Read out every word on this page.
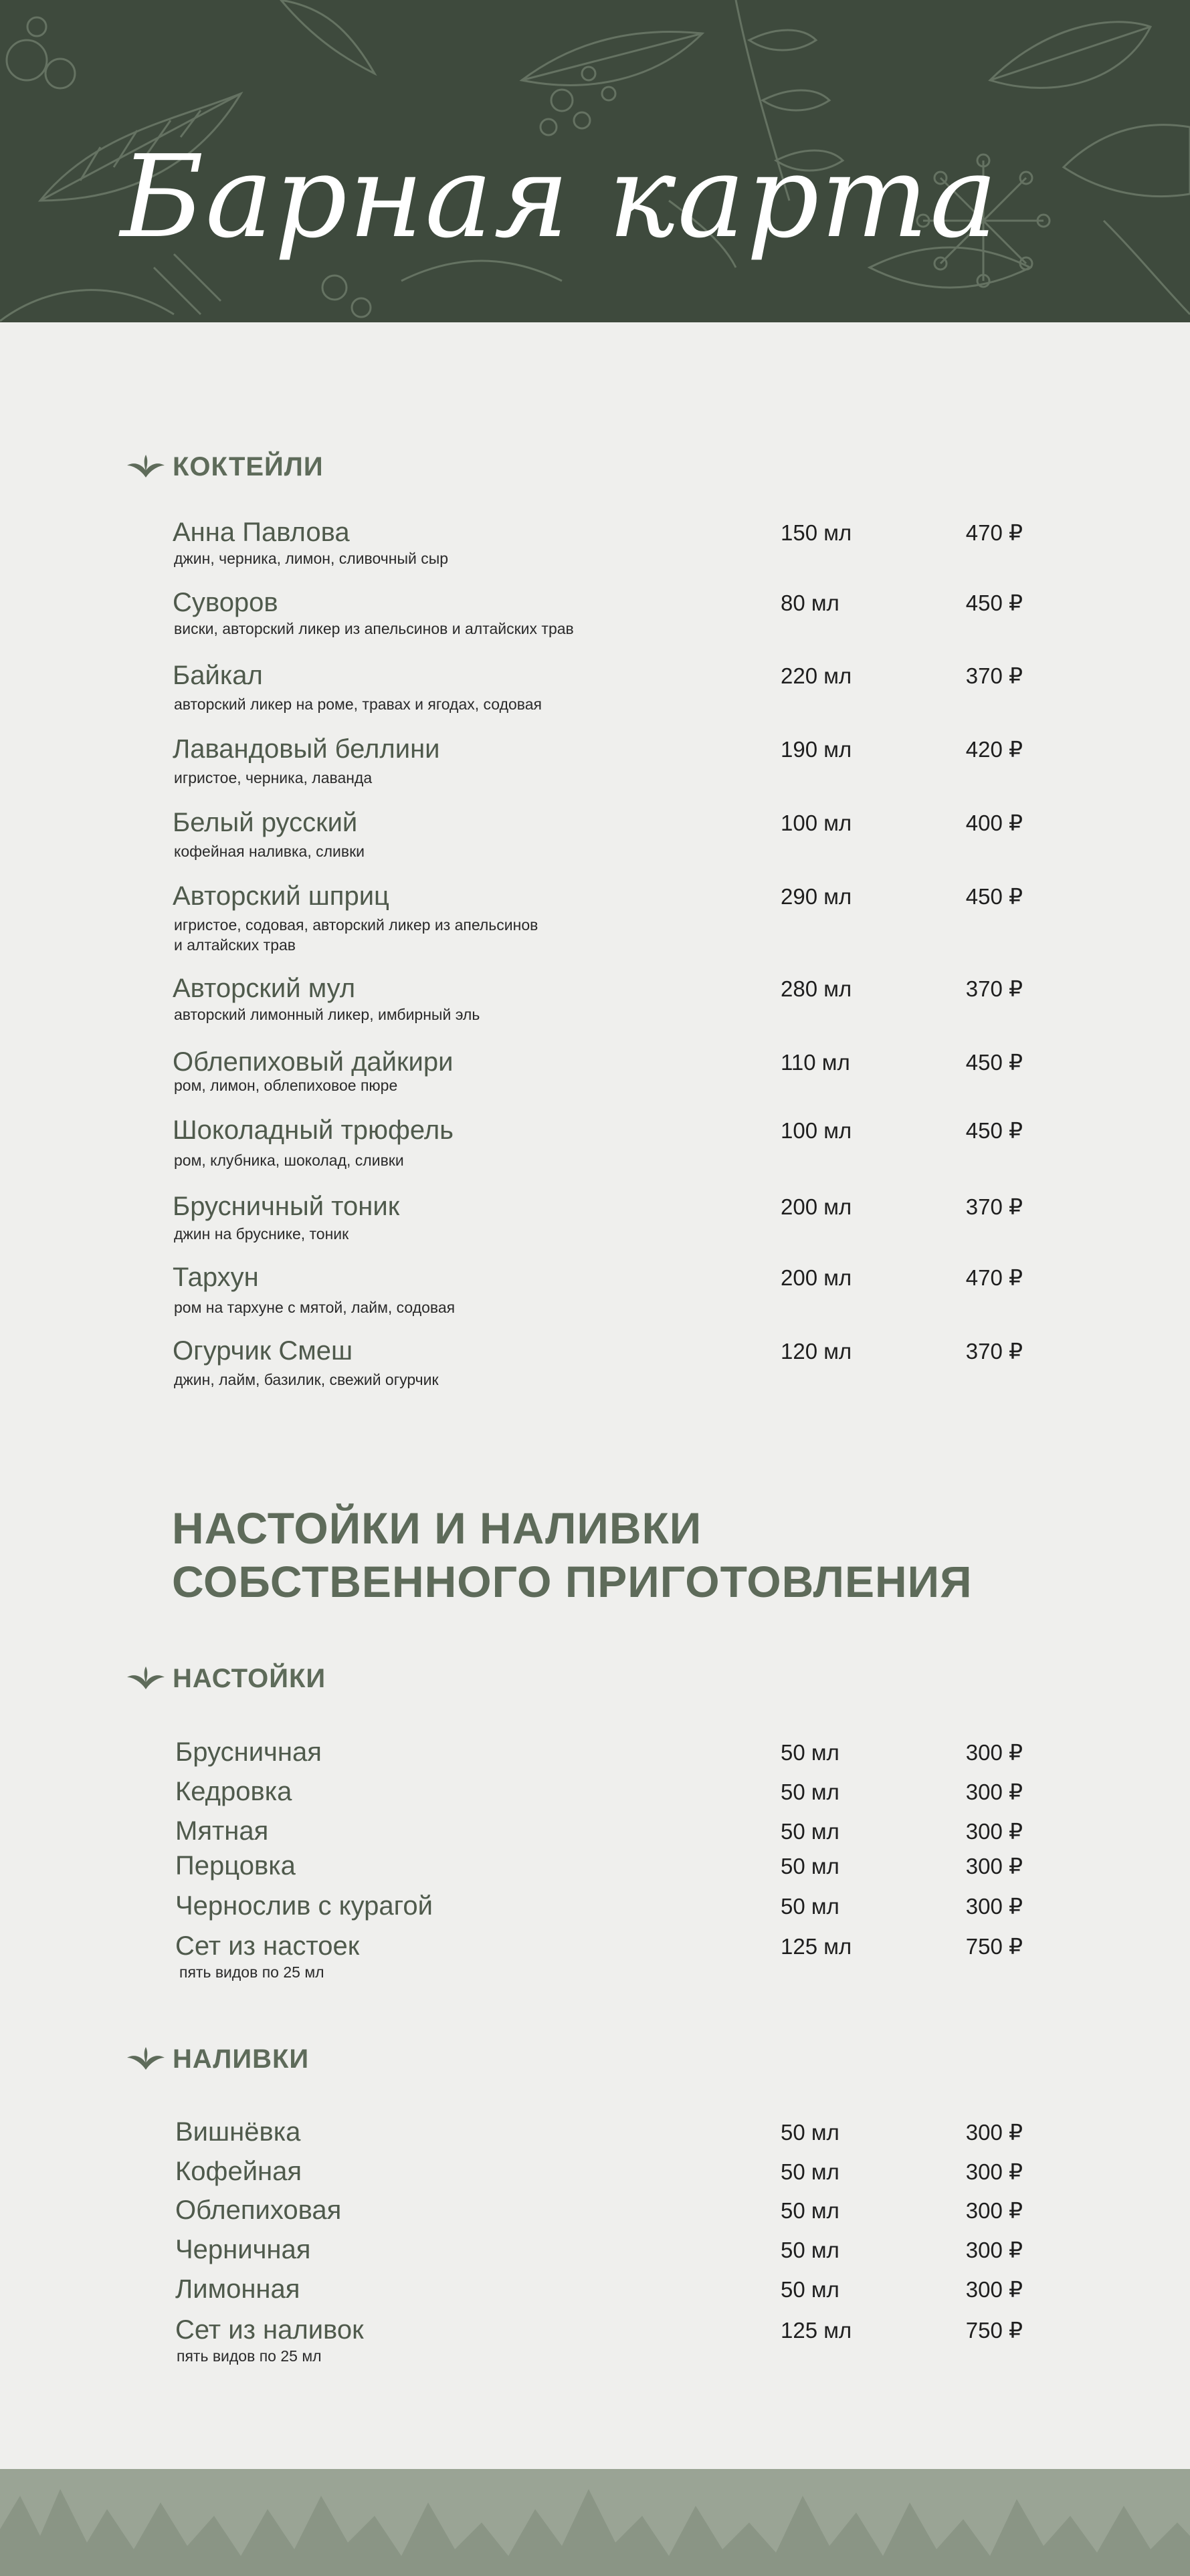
Барная карта
КОКТЕЙЛИ
Анна Павлова
джин, черника, лимон, сливочный сыр
150 мл	470 ₽
Суворов
виски, авторский ликер из апельсинов и алтайских трав
80 мл	450 ₽
Байкал
авторский ликер на роме, травах и ягодах, содовая
220 мл	370 ₽
Лавандовый беллини
игристое, черника, лаванда
190 мл	420 ₽
Белый русский
кофейная наливка, сливки
100 мл	400 ₽
Авторский шприц
игристое, содовая, авторский ликер из апельсинов
и алтайских трав
290 мл	450 ₽
Авторский мул
авторский лимонный ликер, имбирный эль
280 мл	370 ₽
Облепиховый дайкири
ром, лимон, облепиховое пюре
110 мл	450 ₽
Шоколадный трюфель
ром, клубника, шоколад, сливки
100 мл	450 ₽
Брусничный тоник
джин на бруснике, тоник
200 мл	370 ₽
Тархун
ром на тархуне с мятой, лайм, содовая
200 мл	470 ₽
Огурчик Смеш
джин, лайм, базилик, свежий огурчик
120 мл	370 ₽
НАСТОЙКИ И НАЛИВКИ
СОБСТВЕННОГО ПРИГОТОВЛЕНИЯ
НАСТОЙКИ
Брусничная	50 мл	300 ₽
Кедровка	50 мл	300 ₽
Мятная	50 мл	300 ₽
Перцовка	50 мл	300 ₽
Чернослив с курагой	50 мл	300 ₽
Сет из настоек
пять видов по 25 мл
125 мл	750 ₽
НАЛИВКИ
Вишнёвка	50 мл	300 ₽
Кофейная	50 мл	300 ₽
Облепиховая	50 мл	300 ₽
Черничная	50 мл	300 ₽
Лимонная	50 мл	300 ₽
Сет из наливок
пять видов по 25 мл
125 мл	750 ₽
